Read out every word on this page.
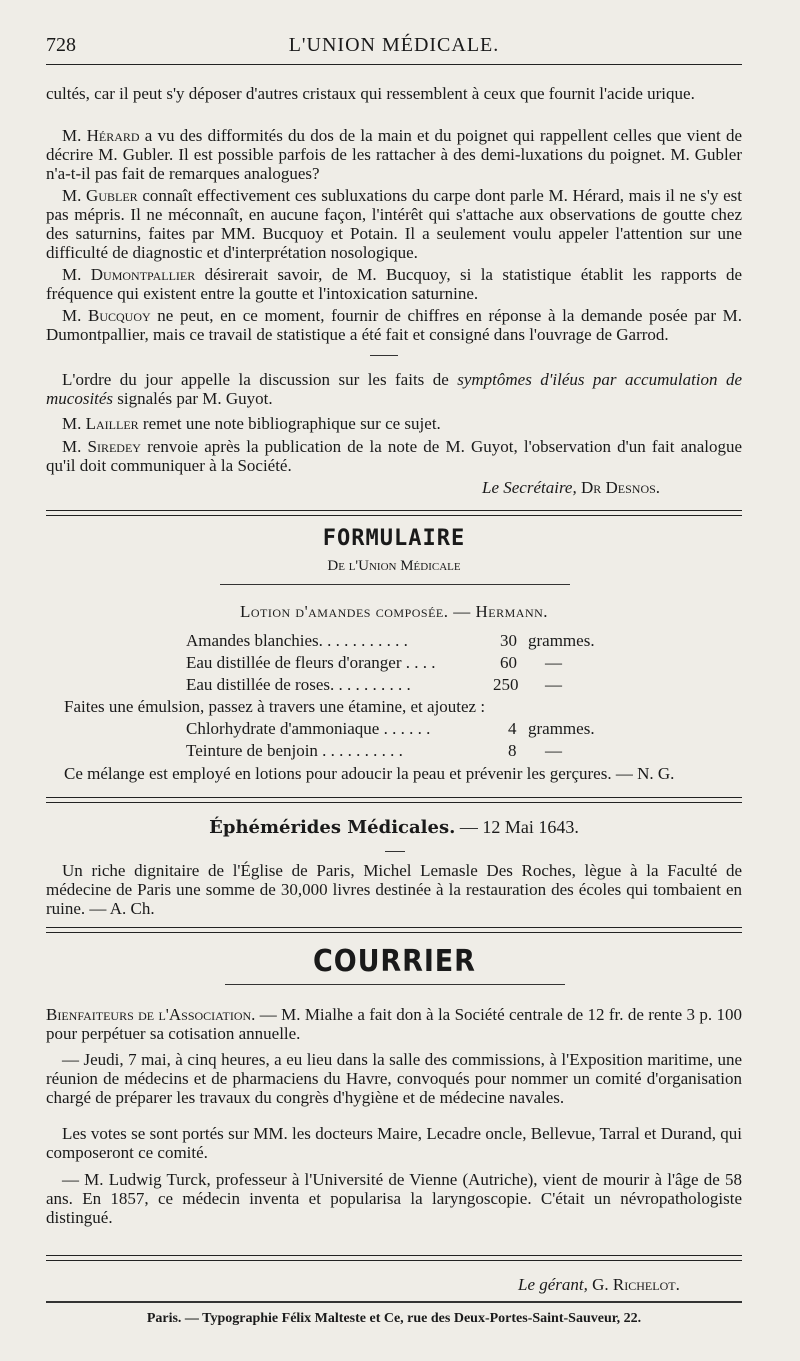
728	L'UNION MÉDICALE.
cultés, car il peut s'y déposer d'autres cristaux qui ressemblent à ceux que fournit l'acide urique.
M. Hérard a vu des difformités du dos de la main et du poignet qui rappellent celles que vient de décrire M. Gubler. Il est possible parfois de les rattacher à des demi-luxations du poignet. M. Gubler n'a-t-il pas fait de remarques analogues?
M. Gubler connaît effectivement ces subluxations du carpe dont parle M. Hérard, mais il ne s'y est pas mépris. Il ne méconnaît, en aucune façon, l'intérêt qui s'attache aux observations de goutte chez des saturnins, faites par MM. Bucquoy et Potain. Il a seulement voulu appeler l'attention sur une difficulté de diagnostic et d'interprétation nosologique.
M. Dumontpallier désirerait savoir, de M. Bucquoy, si la statistique établit les rapports de fréquence qui existent entre la goutte et l'intoxication saturnine.
M. Bucquoy ne peut, en ce moment, fournir de chiffres en réponse à la demande posée par M. Dumontpallier, mais ce travail de statistique a été fait et consigné dans l'ouvrage de Garrod.
L'ordre du jour appelle la discussion sur les faits de symptômes d'iléus par accumulation de mucosités signalés par M. Guyot.
M. Lailler remet une note bibliographique sur ce sujet.
M. Siredey renvoie après la publication de la note de M. Guyot, l'observation d'un fait analogue qu'il doit communiquer à la Société.
Le Secrétaire, Dr Desnos.
FORMULAIRE
De l'Union Médicale
Lotion d'amandes composée. — Hermann.
Amandes blanchies. . . . . . . . . . .	30 grammes.
Eau distillée de fleurs d'oranger . . . .	60 —
Eau distillée de roses. . . . . . . . . .	250 —
Faites une émulsion, passez à travers une étamine, et ajoutez :
Chlorhydrate d'ammoniaque . . . . . .	4 grammes.
Teinture de benjoin . . . . . . . . . .	8 —
Ce mélange est employé en lotions pour adoucir la peau et prévenir les gerçures. — N. G.
Éphémérides Médicales. — 12 Mai 1643.
Un riche dignitaire de l'Église de Paris, Michel Lemasle Des Roches, lègue à la Faculté de médecine de Paris une somme de 30,000 livres destinée à la restauration des écoles qui tombaient en ruine. — A. Ch.
COURRIER
Bienfaiteurs de l'Association. — M. Mialhe a fait don à la Société centrale de 12 fr. de rente 3 p. 100 pour perpétuer sa cotisation annuelle.
— Jeudi, 7 mai, à cinq heures, a eu lieu dans la salle des commissions, à l'Exposition maritime, une réunion de médecins et de pharmaciens du Havre, convoqués pour nommer un comité d'organisation chargé de préparer les travaux du congrès d'hygiène et de médecine navales.
Les votes se sont portés sur MM. les docteurs Maire, Lecadre oncle, Bellevue, Tarral et Durand, qui composeront ce comité.
— M. Ludwig Turck, professeur à l'Université de Vienne (Autriche), vient de mourir à l'âge de 58 ans. En 1857, ce médecin inventa et popularisa la laryngoscopie. C'était un névropathologiste distingué.
Le gérant, G. Richelot.
Paris. — Typographie Félix Malteste et Ce, rue des Deux-Portes-Saint-Sauveur, 22.
